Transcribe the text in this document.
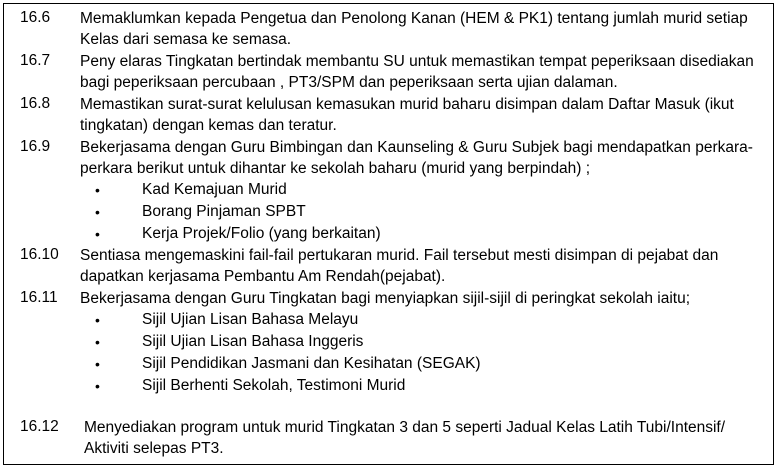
16.6 Memaklumkan kepada Pengetua dan Penolong Kanan (HEM & PK1) tentang jumlah murid setiap
Kelas dari semasa ke semasa.
16.7 Peny elaras Tingkatan bertindak membantu SU untuk memastikan tempat peperiksaan disediakan
bagi peperiksaan percubaan , PT3/SPM dan peperiksaan serta ujian dalaman.
16.8 Memastikan surat-surat kelulusan kemasukan murid baharu disimpan dalam Daftar Masuk (ikut
tingkatan) dengan kemas dan teratur.
16.9 Bekerjasama dengan Guru Bimbingan dan Kaunseling & Guru Subjek bagi mendapatkan perkara-
perkara berikut untuk dihantar ke sekolah baharu (murid yang berpindah) ;
•	Kad Kemajuan Murid
•	Borang Pinjaman SPBT
•	Kerja Projek/Folio (yang berkaitan)
16.10 Sentiasa mengemaskini fail-fail pertukaran murid. Fail tersebut mesti disimpan di pejabat dan
dapatkan kerjasama Pembantu Am Rendah(pejabat).
16.11 Bekerjasama dengan Guru Tingkatan bagi menyiapkan sijil-sijil di peringkat sekolah iaitu;
•	Sijil Ujian Lisan Bahasa Melayu
•	Sijil Ujian Lisan Bahasa Inggeris
•	Sijil Pendidikan Jasmani dan Kesihatan (SEGAK)
•	Sijil Berhenti Sekolah, Testimoni Murid
16.12 Menyediakan program untuk murid Tingkatan 3 dan 5 seperti Jadual Kelas Latih Tubi/Intensif/
Aktiviti selepas PT3.
